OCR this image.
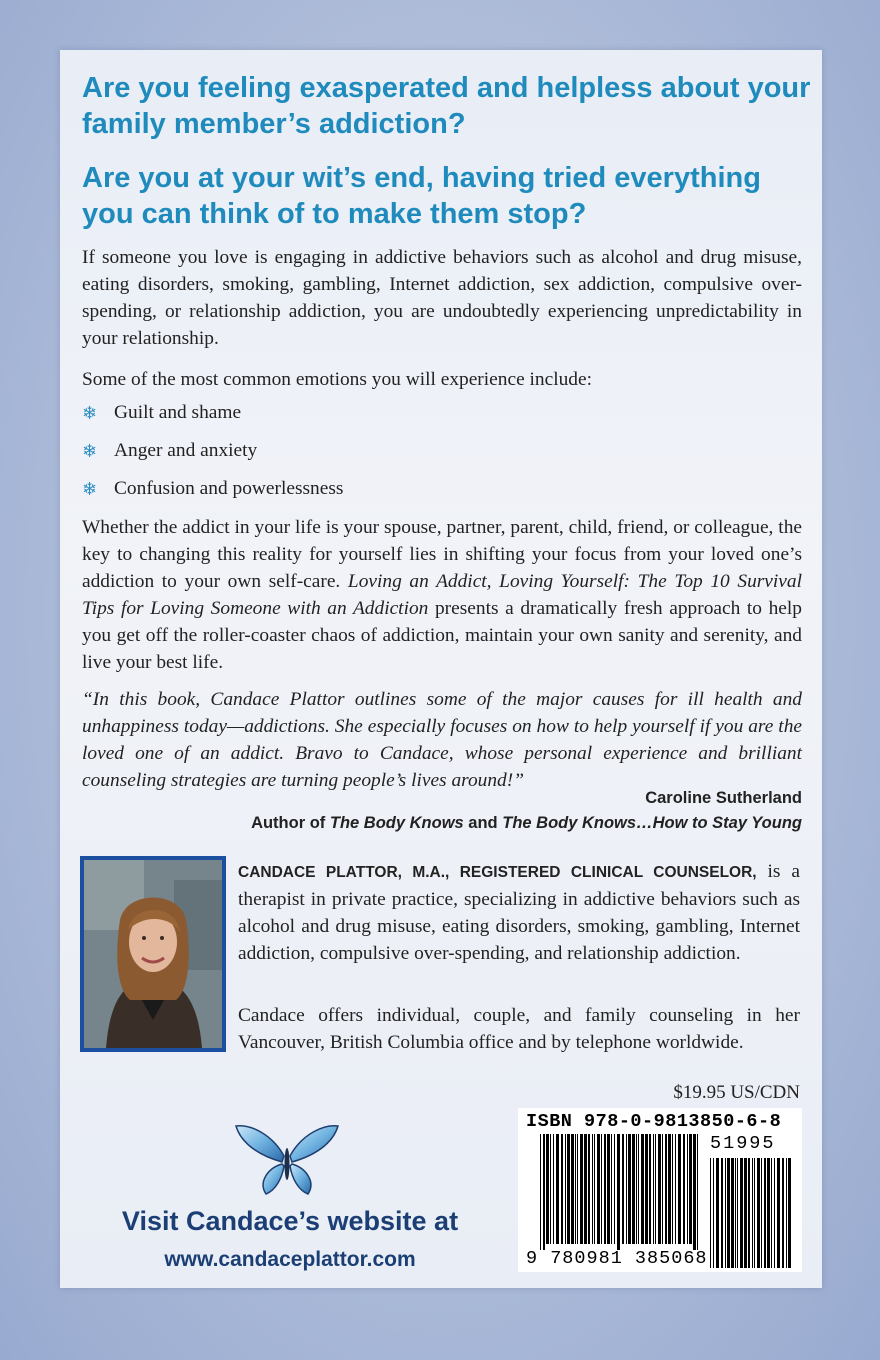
Are you feeling exasperated and helpless about your family member’s addiction?
Are you at your wit’s end, having tried everything you can think of to make them stop?

If someone you love is engaging in addictive behaviors such as alcohol and drug misuse, eating disorders, smoking, gambling, Internet addiction, sex addiction, compulsive over-spending, or relationship addiction, you are undoubtedly experiencing unpredictability in your relationship.

Some of the most common emotions you will experience include:

❄ Guilt and shame
❄ Anger and anxiety
❄ Confusion and powerlessness

Whether the addict in your life is your spouse, partner, parent, child, friend, or colleague, the key to changing this reality for yourself lies in shifting your focus from your loved one’s addiction to your own self-care. Loving an Addict, Loving Yourself: The Top 10 Survival Tips for Loving Someone with an Addiction presents a dramatically fresh approach to help you get off the roller-coaster chaos of addiction, maintain your own sanity and serenity, and live your best life.

“In this book, Candace Plattor outlines some of the major causes for ill health and unhappiness today—addictions. She especially focuses on how to help yourself if you are the loved one of an addict. Bravo to Candace, whose personal experience and brilliant counseling strategies are turning people’s lives around!”

Caroline Sutherland

Author of The Body Knows and The Body Knows…How to Stay Young

CANDACE PLATTOR, M.A., REGISTERED CLINICAL COUNSELOR, is a therapist in private practice, specializing in addictive behaviors such as alcohol and drug misuse, eating disorders, smoking, gambling, Internet addiction, compulsive over-spending, and relationship addiction.

Candace offers individual, couple, and family counseling in her Vancouver, British Columbia office and by telephone worldwide.

Visit Candace’s website at

www.candaceplattor.com

$19.95 US/CDN

ISBN 978-0-9813850-6-8

51995

9 780981 385068
